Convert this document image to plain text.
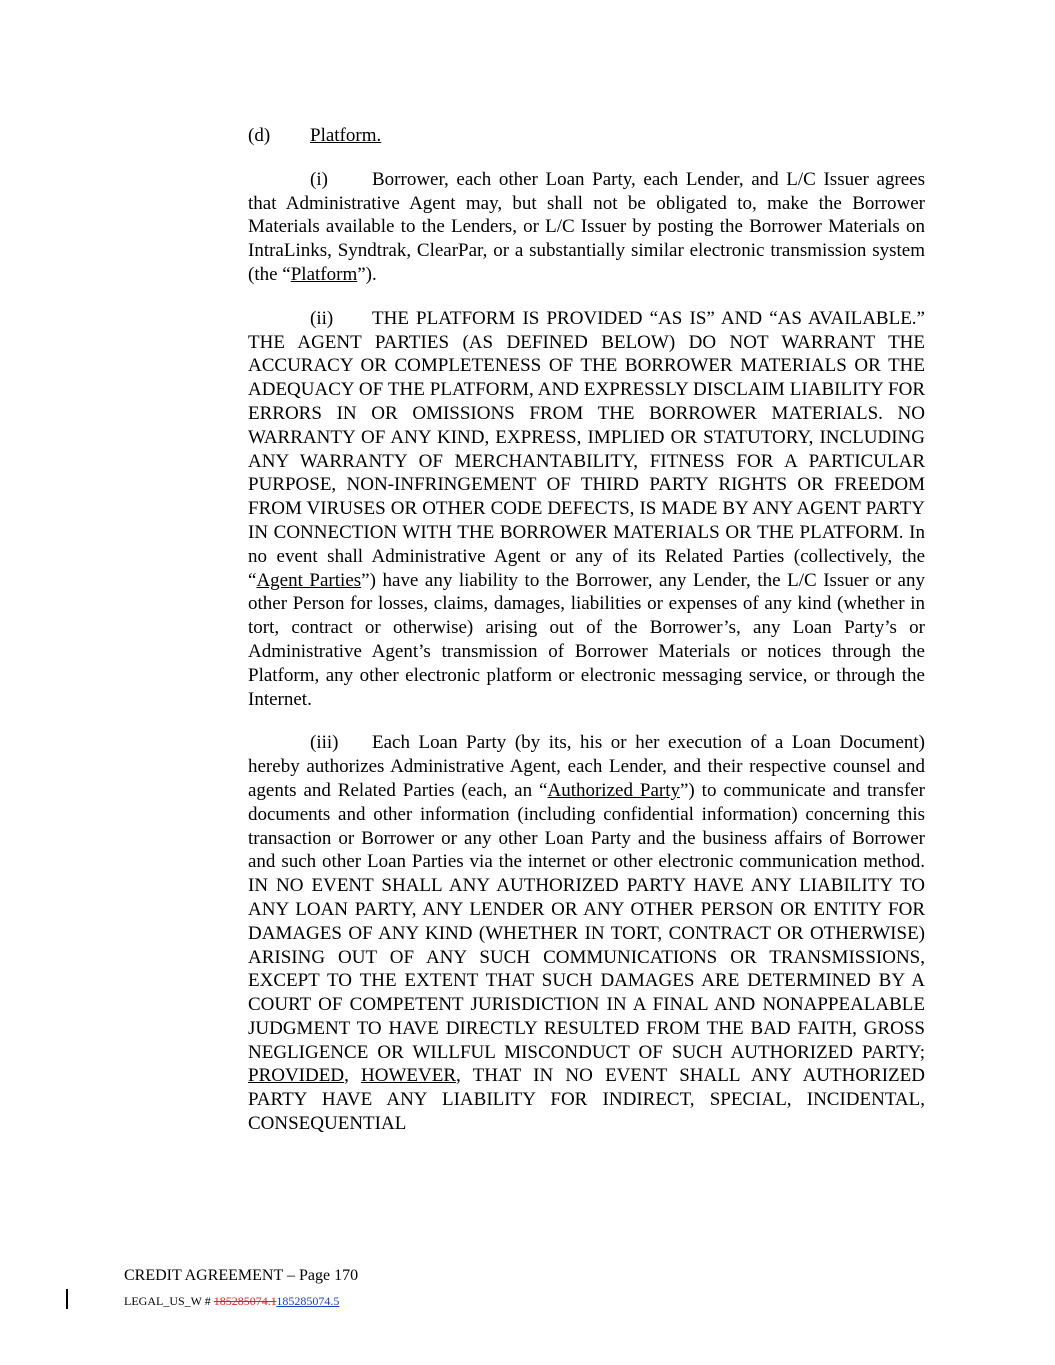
(d) Platform.

(i) Borrower, each other Loan Party, each Lender, and L/C Issuer agrees that Administrative Agent may, but shall not be obligated to, make the Borrower Materials available to the Lenders, or L/C Issuer by posting the Borrower Materials on IntraLinks, Syndtrak, ClearPar, or a substantially similar electronic transmission system (the “Platform”).

(ii) THE PLATFORM IS PROVIDED “AS IS” AND “AS AVAILABLE.” THE AGENT PARTIES (AS DEFINED BELOW) DO NOT WARRANT THE ACCURACY OR COMPLETENESS OF THE BORROWER MATERIALS OR THE ADEQUACY OF THE PLATFORM, AND EXPRESSLY DISCLAIM LIABILITY FOR ERRORS IN OR OMISSIONS FROM THE BORROWER MATERIALS. NO WARRANTY OF ANY KIND, EXPRESS, IMPLIED OR STATUTORY, INCLUDING ANY WARRANTY OF MERCHANTABILITY, FITNESS FOR A PARTICULAR PURPOSE, NON-INFRINGEMENT OF THIRD PARTY RIGHTS OR FREEDOM FROM VIRUSES OR OTHER CODE DEFECTS, IS MADE BY ANY AGENT PARTY IN CONNECTION WITH THE BORROWER MATERIALS OR THE PLATFORM. In no event shall Administrative Agent or any of its Related Parties (collectively, the “Agent Parties”) have any liability to the Borrower, any Lender, the L/C Issuer or any other Person for losses, claims, damages, liabilities or expenses of any kind (whether in tort, contract or otherwise) arising out of the Borrower’s, any Loan Party’s or Administrative Agent’s transmission of Borrower Materials or notices through the Platform, any other electronic platform or electronic messaging service, or through the Internet.

(iii) Each Loan Party (by its, his or her execution of a Loan Document) hereby authorizes Administrative Agent, each Lender, and their respective counsel and agents and Related Parties (each, an “Authorized Party”) to communicate and transfer documents and other information (including confidential information) concerning this transaction or Borrower or any other Loan Party and the business affairs of Borrower and such other Loan Parties via the internet or other electronic communication method. IN NO EVENT SHALL ANY AUTHORIZED PARTY HAVE ANY LIABILITY TO ANY LOAN PARTY, ANY LENDER OR ANY OTHER PERSON OR ENTITY FOR DAMAGES OF ANY KIND (WHETHER IN TORT, CONTRACT OR OTHERWISE) ARISING OUT OF ANY SUCH COMMUNICATIONS OR TRANSMISSIONS, EXCEPT TO THE EXTENT THAT SUCH DAMAGES ARE DETERMINED BY A COURT OF COMPETENT JURISDICTION IN A FINAL AND NONAPPEALABLE JUDGMENT TO HAVE DIRECTLY RESULTED FROM THE BAD FAITH, GROSS NEGLIGENCE OR WILLFUL MISCONDUCT OF SUCH AUTHORIZED PARTY; PROVIDED, HOWEVER, THAT IN NO EVENT SHALL ANY AUTHORIZED PARTY HAVE ANY LIABILITY FOR INDIRECT, SPECIAL, INCIDENTAL, CONSEQUENTIAL

CREDIT AGREEMENT – Page 170
LEGAL_US_W # 185285074.1185285074.5
